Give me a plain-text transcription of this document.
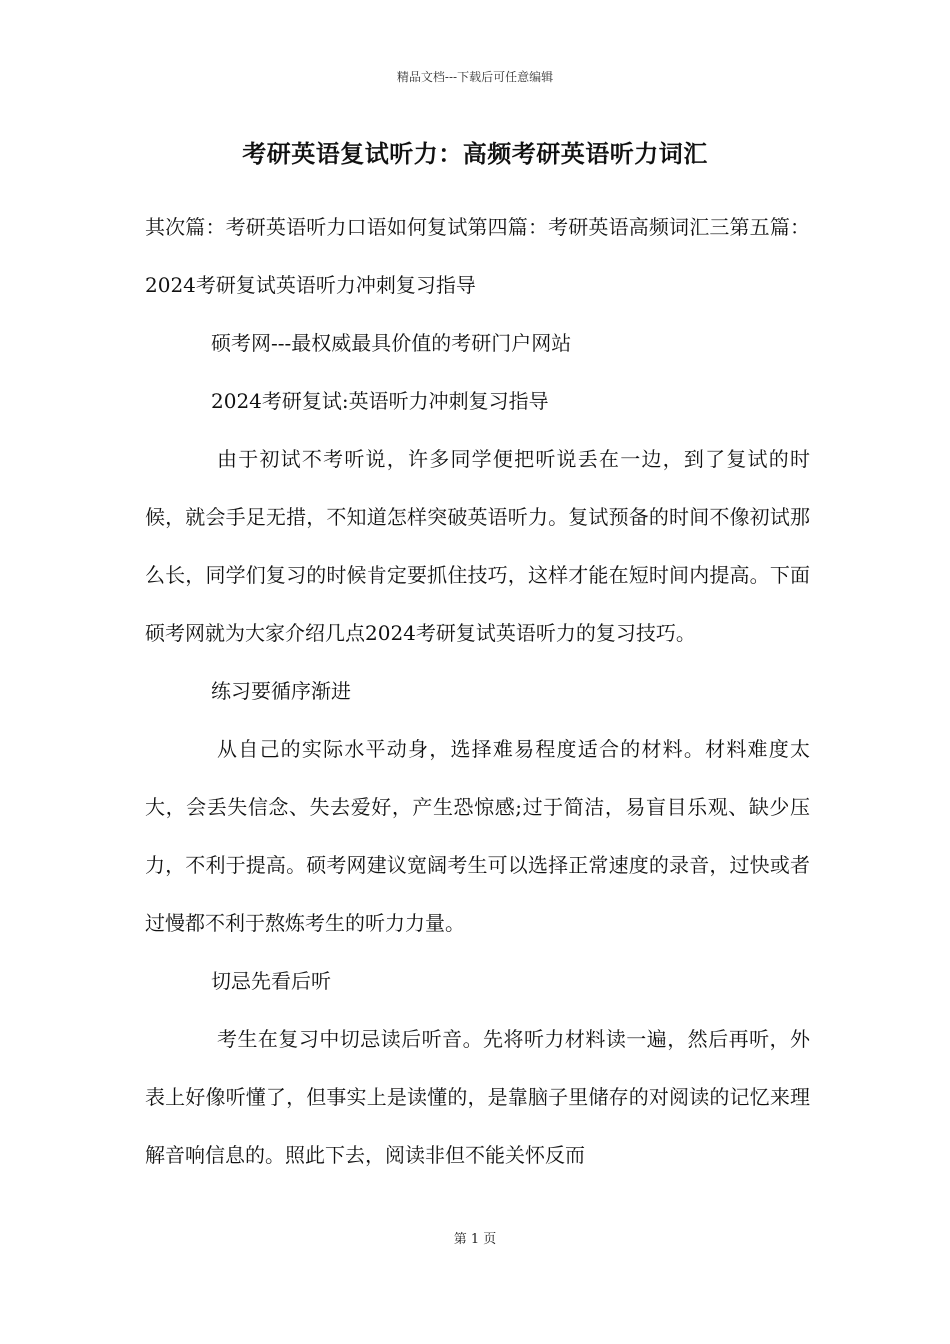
精品文档---下载后可任意编辑
考研英语复试听力：高频考研英语听力词汇

其次篇：考研英语听力口语如何复试第四篇：考研英语高频词汇三第五篇：2024考研复试英语听力冲刺复习指导

硕考网---最权威最具价值的考研门户网站

2024考研复试:英语听力冲刺复习指导

由于初试不考听说，许多同学便把听说丢在一边，到了复试的时候，就会手足无措，不知道怎样突破英语听力。复试预备的时间不像初试那么长，同学们复习的时候肯定要抓住技巧，这样才能在短时间内提高。下面硕考网就为大家介绍几点2024考研复试英语听力的复习技巧。

练习要循序渐进

从自己的实际水平动身，选择难易程度适合的材料。材料难度太大，会丢失信念、失去爱好，产生恐惊感;过于简洁，易盲目乐观、缺少压力，不利于提高。硕考网建议宽阔考生可以选择正常速度的录音，过快或者过慢都不利于熬炼考生的听力力量。

切忌先看后听

考生在复习中切忌读后听音。先将听力材料读一遍，然后再听，外表上好像听懂了，但事实上是读懂的，是靠脑子里储存的对阅读的记忆来理解音响信息的。照此下去，阅读非但不能关怀反而

第 1 页
